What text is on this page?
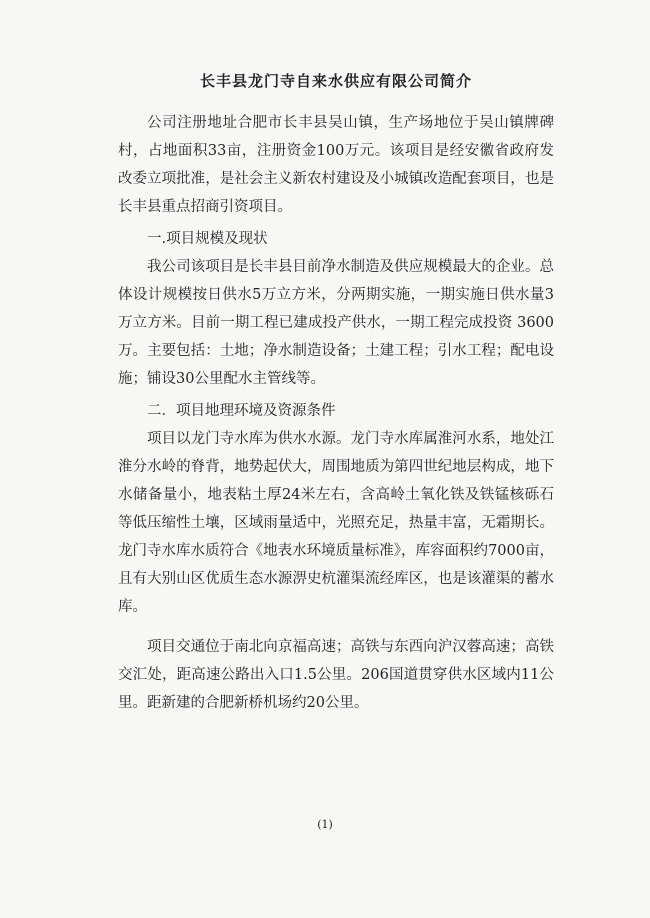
长丰县龙门寺自来水供应有限公司简介

公司注册地址合肥市长丰县吴山镇，生产场地位于吴山镇牌碑村，占地面积33亩，注册资金100万元。该项目是经安徽省政府发改委立项批准，是社会主义新农村建设及小城镇改造配套项目，也是长丰县重点招商引资项目。

一.项目规模及现状

我公司该项目是长丰县目前净水制造及供应规模最大的企业。总体设计规模按日供水5万立方米，分两期实施，一期实施日供水量3万立方米。目前一期工程已建成投产供水，一期工程完成投资 3600万。主要包括：土地；净水制造设备；土建工程；引水工程；配电设施；铺设30公里配水主管线等。

二．项目地理环境及资源条件

项目以龙门寺水库为供水水源。龙门寺水库属淮河水系，地处江淮分水岭的脊背，地势起伏大，周围地质为第四世纪地层构成，地下水储备量小，地表粘土厚24米左右，含高岭土氧化铁及铁锰核砾石等低压缩性土壤，区域雨量适中，光照充足，热量丰富，无霜期长。龙门寺水库水质符合《地表水环境质量标准》，库容面积约7000亩，且有大别山区优质生态水源淠史杭灌渠流经库区，也是该灌渠的蓄水库。

项目交通位于南北向京福高速；高铁与东西向沪汉蓉高速；高铁交汇处，距高速公路出入口1.5公里。206国道贯穿供水区域内11公里。距新建的合肥新桥机场约20公里。

(1)
